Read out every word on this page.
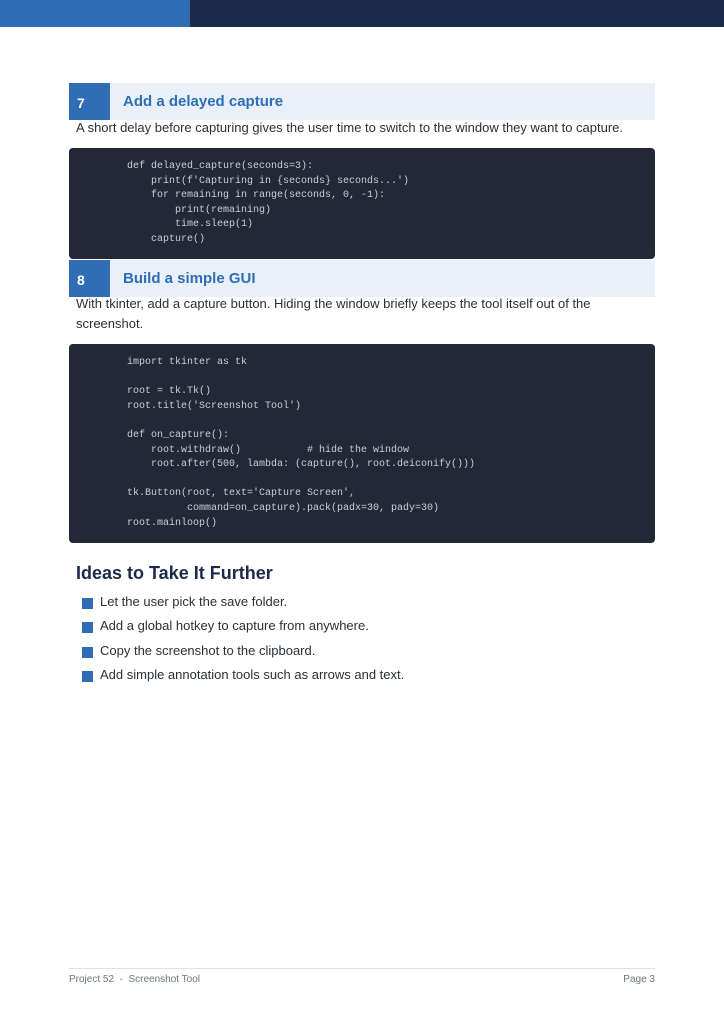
7	Add a delayed capture

A short delay before capturing gives the user time to switch to the window they want to capture.

def delayed_capture(seconds=3):
print(f'Capturing in {seconds} seconds...')
for remaining in range(seconds, 0, -1):
print(remaining)
time.sleep(1)
capture()
8	Build a simple GUI

With tkinter, add a capture button. Hiding the window briefly keeps the tool itself out of the screenshot.

import tkinter as tk

root = tk.Tk()
root.title('Screenshot Tool')

def on_capture():
root.withdraw()           # hide the window
root.after(500, lambda: (capture(), root.deiconify()))

tk.Button(root, text='Capture Screen',
command=on_capture).pack(padx=30, pady=30)
root.mainloop()
Ideas to Take It Further
Let the user pick the save folder.
Add a global hotkey to capture from anywhere.
Copy the screenshot to the clipboard.
Add simple annotation tools such as arrows and text.
Project 52  -  Screenshot Tool	Page 3
